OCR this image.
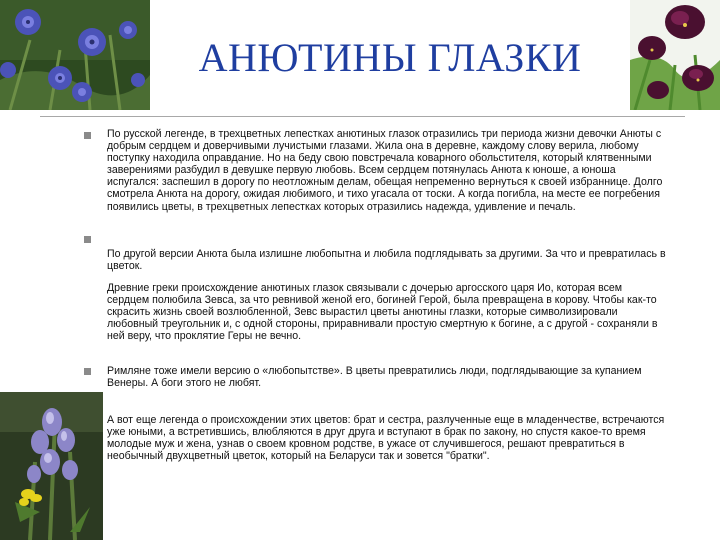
АНЮТИНЫ ГЛАЗКИ
По русской легенде, в трехцветных лепестках анютиных глазок отразились три периода жизни девочки Анюты с добрым сердцем и доверчивыми лучистыми глазами. Жила она в деревне, каждому слову верила, любому поступку находила оправдание. Но на беду свою повстречала коварного обольстителя, который клятвенными заверениями разбудил в девушке первую любовь. Всем сердцем потянулась Анюта к юноше, а юноша испугался: заспешил в дорогу по неотложным делам, обещая непременно вернуться к своей избраннице. Долго смотрела Анюта на дорогу, ожидая любимого, и тихо угасала от тоски. А когда погибла, на месте ее погребения появились цветы, в трехцветных лепестках которых отразились надежда, удивление и печаль.
По другой версии Анюта была излишне любопытна и любила подглядывать за другими. За что и превратилась в цветок.
Древние греки происхождение анютиных глазок связывали с дочерью аргосского царя Ио, которая всем сердцем полюбила Зевса, за что ревнивой женой его, богиней Герой, была превращена в корову. Чтобы как-то скрасить жизнь своей возлюбленной, Зевс вырастил цветы анютины глазки, которые символизировали любовный треугольник и, с одной стороны, приравнивали простую смертную к богине, а с другой - сохраняли в ней веру, что проклятие Геры не вечно.
Римляне тоже имели версию о «любопытстве». В цветы превратились люди, подглядывающие за купанием Венеры. А боги этого не любят.
А вот еще легенда о происхождении этих цветов: брат и сестра, разлученные еще в младенчестве, встречаются уже юными, а встретившись, влюбляются в друг друга и вступают в брак по закону, но спустя какое-то время молодые муж и жена, узнав о своем кровном родстве, в ужасе от случившегося, решают превратиться в необычный двухцветный цветок, который на Беларуси так и зовется "братки".
